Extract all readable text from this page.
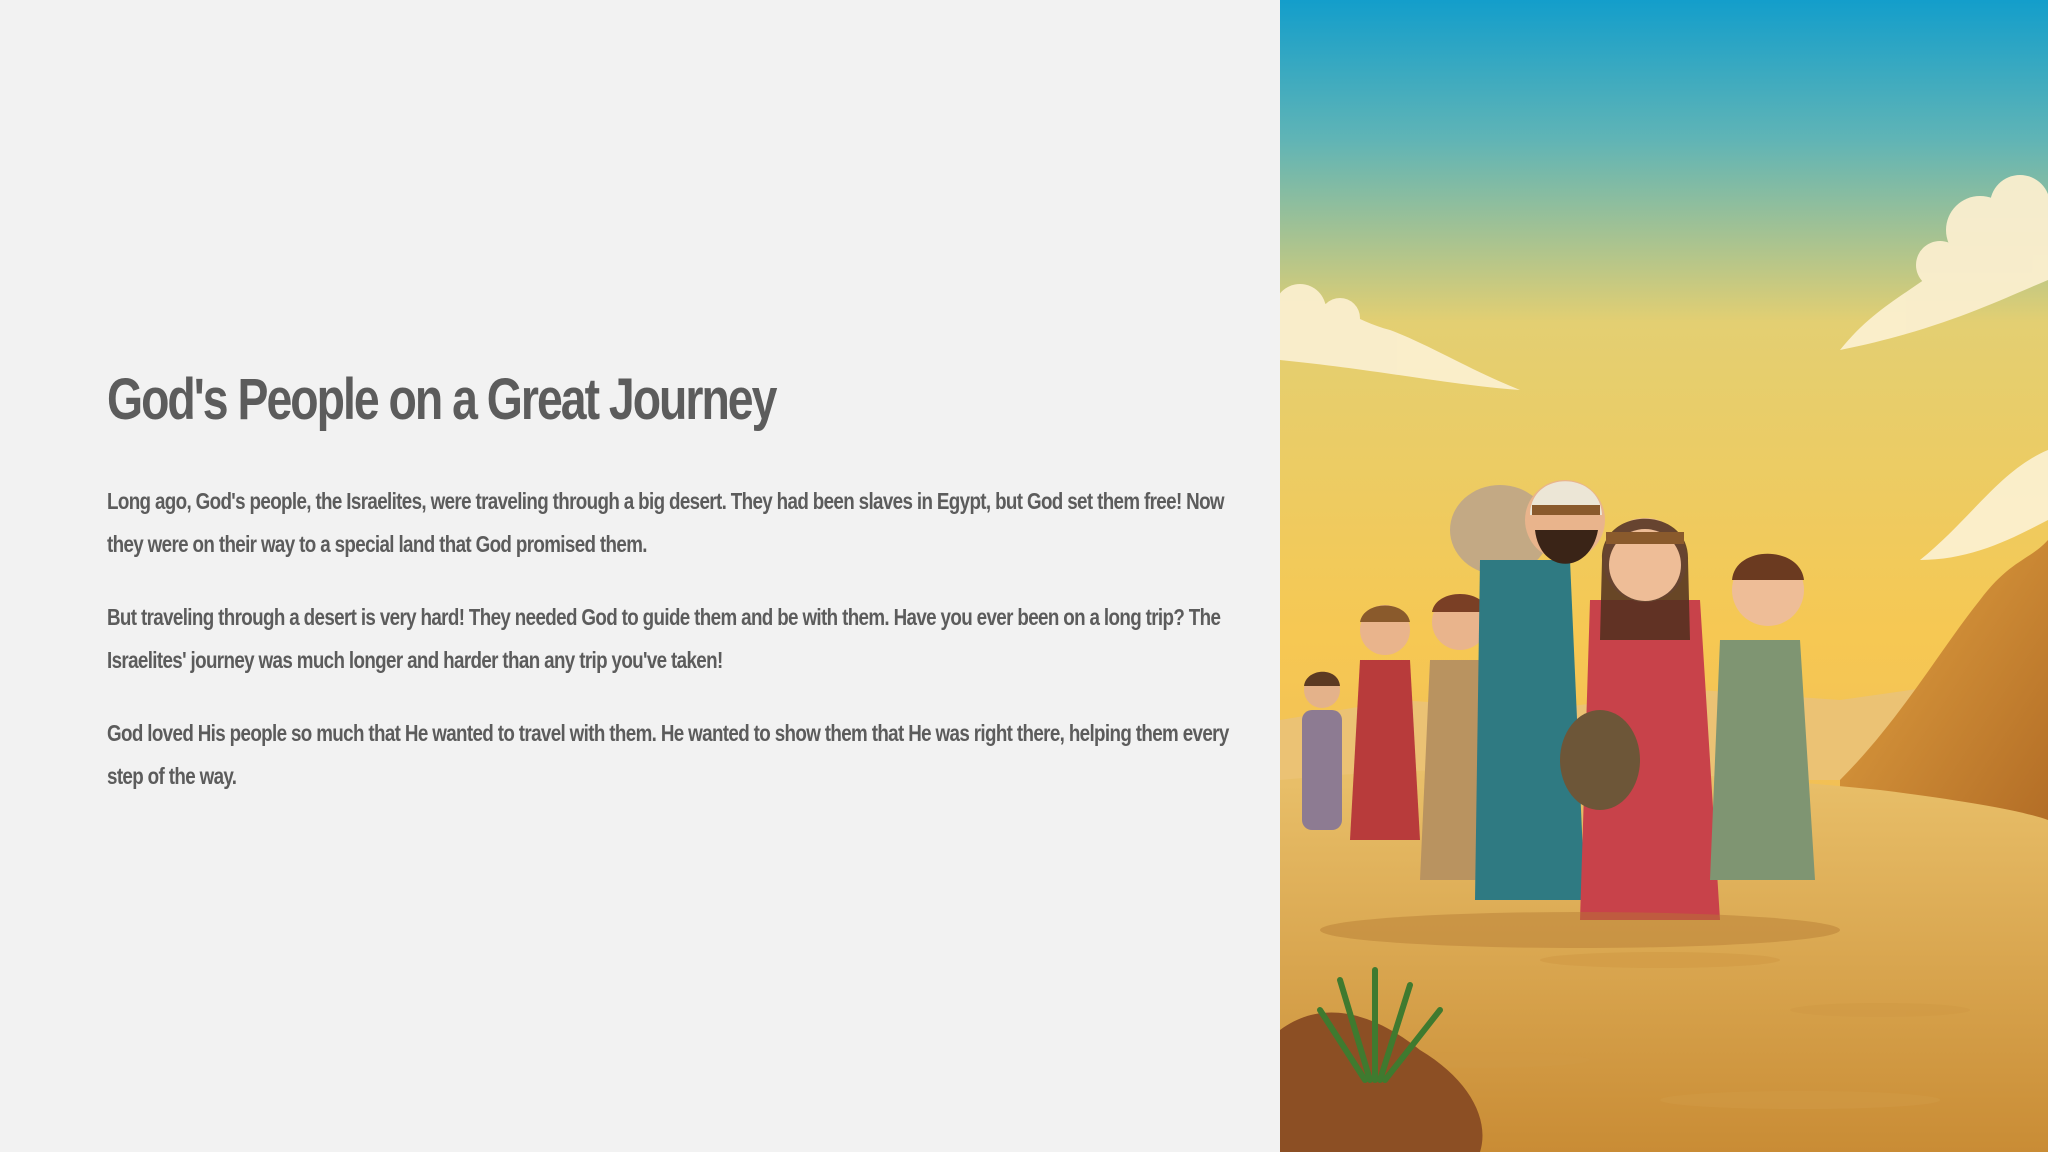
God's People on a Great Journey

Long ago, God's people, the Israelites, were traveling through a big desert. They had been slaves in Egypt, but God set them free! Now they were on their way to a special land that God promised them.

But traveling through a desert is very hard! They needed God to guide them and be with them. Have you ever been on a long trip? The Israelites' journey was much longer and harder than any trip you've taken!

God loved His people so much that He wanted to travel with them. He wanted to show them that He was right there, helping them every step of the way.
